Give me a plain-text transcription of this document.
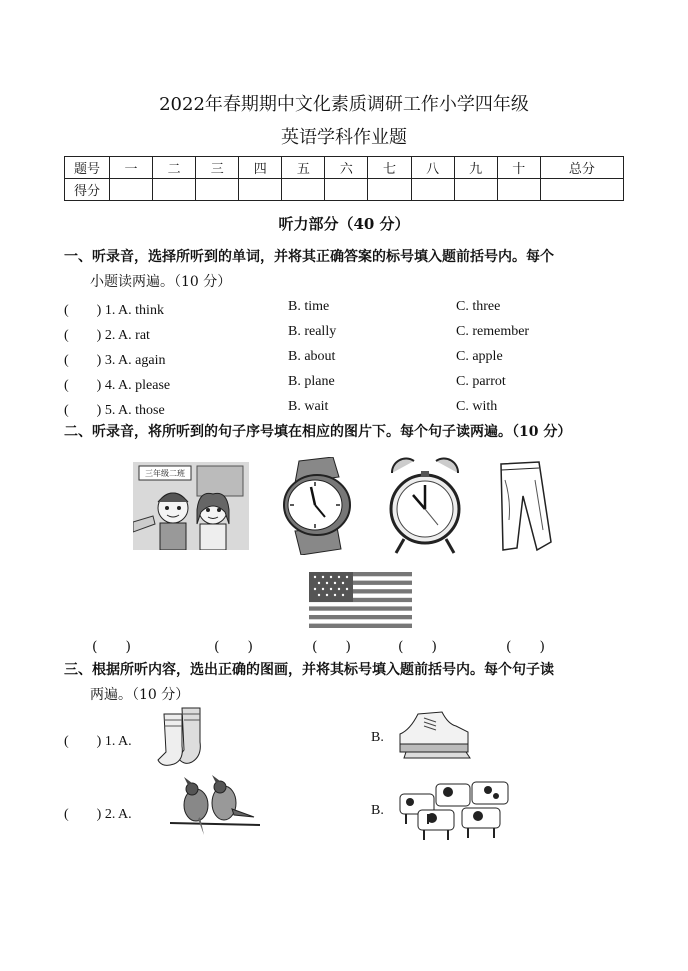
2022年春期期中文化素质调研工作小学四年级
英语学科作业题
题号	一	二	三	四	五	六	七	八	九	十	总分
得分											
听力部分（40 分）
一、听录音，选择所听到的单词，并将其正确答案的标号填入题前括号内。每个
小题读两遍。（10 分）
(　　) 1. A. think	B. time	C. three
(　　) 2. A. rat	B. really	C. remember
(　　) 3. A. again	B. about	C. apple
(　　) 4. A. please	B. plane	C. parrot
(　　) 5. A. those	B. wait	C. with
二、听录音，将所听到的句子序号填在相应的图片下。每个句子读两遍。（10 分）
三年级二班
(　　)	(　　)	(　　)	(　　)	(　　)
三、根据所听内容，选出正确的图画，并将其标号填入题前括号内。每个句子读
两遍。（10 分）
(　　) 1. A.	B.
(　　) 2. A.	B.
